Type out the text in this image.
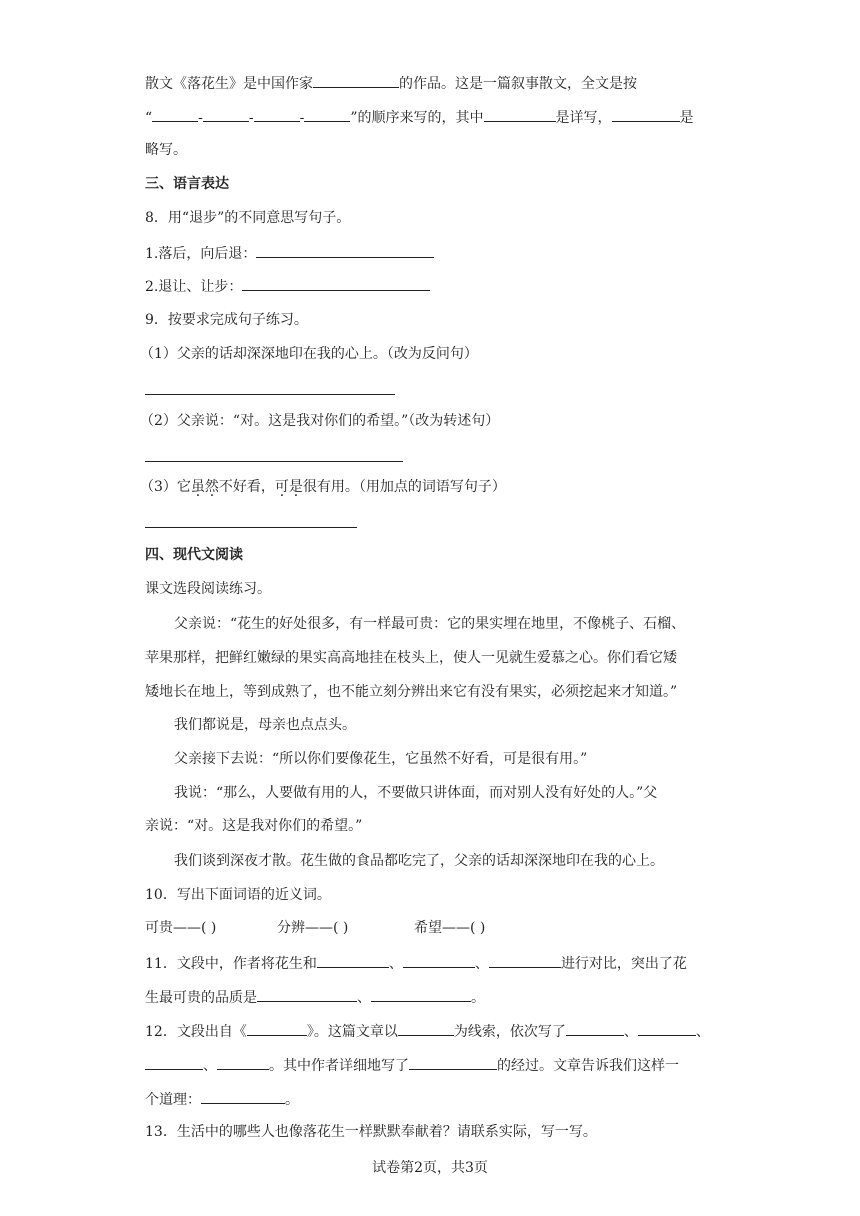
散文《落花生》是中国作家	的作品。这是一篇叙事散文，全文是按
“	-	-	-	”的顺序来写的，其中	是详写，	是
略写。
三、语言表达
8．用“退步”的不同意思写句子。
1.落后，向后退：
2.退让、让步：
9．按要求完成句子练习。
（1）父亲的话却深深地印在我的心上。（改为反问句）
（2）父亲说：“对。这是我对你们的希望。”（改为转述句）
（3）它虽然不好看，可是很有用。（用加点的词语写句子）
四、现代文阅读
课文选段阅读练习。
父亲说：“花生的好处很多，有一样最可贵：它的果实埋在地里，不像桃子、石榴、
苹果那样，把鲜红嫩绿的果实高高地挂在枝头上，使人一见就生爱慕之心。你们看它矮
矮地长在地上，等到成熟了，也不能立刻分辨出来它有没有果实，必须挖起来才知道。”
我们都说是，母亲也点点头。
父亲接下去说：“所以你们要像花生，它虽然不好看，可是很有用。”
我说：“那么，人要做有用的人，不要做只讲体面，而对别人没有好处的人。”父
亲说：“对。这是我对你们的希望。”
我们谈到深夜才散。花生做的食品都吃完了，父亲的话却深深地印在我的心上。
10．写出下面词语的近义词。
可贵——( )	分辨——( )	希望——( )
11．文段中，作者将花生和	、	、	进行对比，突出了花
生最可贵的品质是	、	。
12．文段出自《	》。这篇文章以	为线索，依次写了	、	、
、	。其中作者详细地写了	的经过。文章告诉我们这样一
个道理：	。
13．生活中的哪些人也像落花生一样默默奉献着？请联系实际，写一写。
试卷第2页，共3页
